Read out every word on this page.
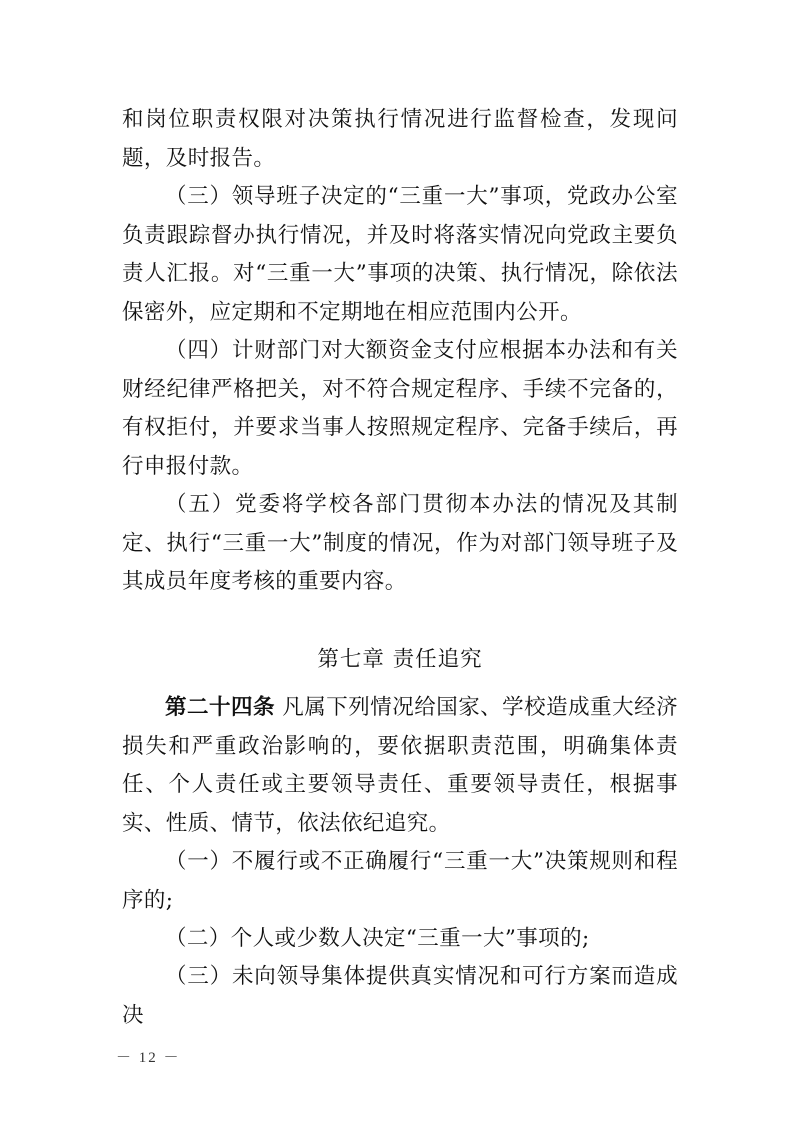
和岗位职责权限对决策执行情况进行监督检查，发现问题，及时报告。

（三）领导班子决定的“三重一大”事项，党政办公室负责跟踪督办执行情况，并及时将落实情况向党政主要负责人汇报。对“三重一大”事项的决策、执行情况，除依法保密外，应定期和不定期地在相应范围内公开。

（四）计财部门对大额资金支付应根据本办法和有关财经纪律严格把关，对不符合规定程序、手续不完备的，有权拒付，并要求当事人按照规定程序、完备手续后，再行申报付款。

（五）党委将学校各部门贯彻本办法的情况及其制定、执行“三重一大”制度的情况，作为对部门领导班子及其成员年度考核的重要内容。

第七章 责任追究

第二十四条 凡属下列情况给国家、学校造成重大经济损失和严重政治影响的，要依据职责范围，明确集体责任、个人责任或主要领导责任、重要领导责任，根据事实、性质、情节，依法依纪追究。

（一）不履行或不正确履行“三重一大”决策规则和程序的;

（二）个人或少数人决定“三重一大”事项的;

（三）未向领导集体提供真实情况和可行方案而造成决

－ 12 －
